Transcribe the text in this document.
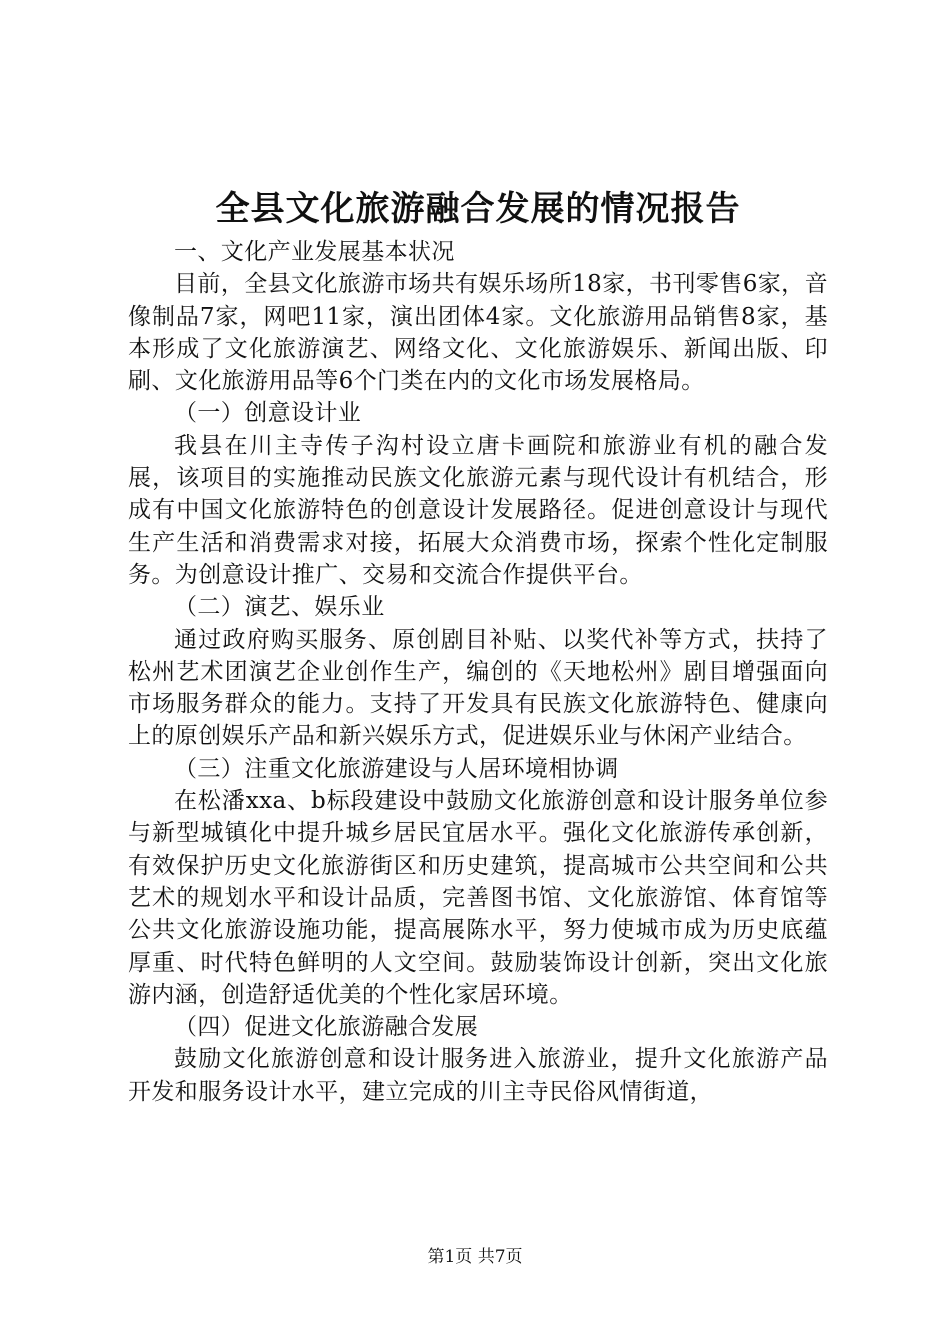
全县文化旅游融合发展的情况报告

一、文化产业发展基本状况

目前，全县文化旅游市场共有娱乐场所18家，书刊零售6家，音像制品7家，网吧11家，演出团体4家。文化旅游用品销售8家，基本形成了文化旅游演艺、网络文化、文化旅游娱乐、新闻出版、印刷、文化旅游用品等6个门类在内的文化市场发展格局。

（一）创意设计业

我县在川主寺传子沟村设立唐卡画院和旅游业有机的融合发展，该项目的实施推动民族文化旅游元素与现代设计有机结合，形成有中国文化旅游特色的创意设计发展路径。促进创意设计与现代生产生活和消费需求对接，拓展大众消费市场，探索个性化定制服务。为创意设计推广、交易和交流合作提供平台。

（二）演艺、娱乐业

通过政府购买服务、原创剧目补贴、以奖代补等方式，扶持了松州艺术团演艺企业创作生产，编创的《天地松州》剧目增强面向市场服务群众的能力。支持了开发具有民族文化旅游特色、健康向上的原创娱乐产品和新兴娱乐方式，促进娱乐业与休闲产业结合。

（三）注重文化旅游建设与人居环境相协调

在松潘xxa、b标段建设中鼓励文化旅游创意和设计服务单位参与新型城镇化中提升城乡居民宜居水平。强化文化旅游传承创新，有效保护历史文化旅游街区和历史建筑，提高城市公共空间和公共艺术的规划水平和设计品质，完善图书馆、文化旅游馆、体育馆等公共文化旅游设施功能，提高展陈水平，努力使城市成为历史底蕴厚重、时代特色鲜明的人文空间。鼓励装饰设计创新，突出文化旅游内涵，创造舒适优美的个性化家居环境。

（四）促进文化旅游融合发展

鼓励文化旅游创意和设计服务进入旅游业，提升文化旅游产品开发和服务设计水平，建立完成的川主寺民俗风情街道，

第1页 共7页
